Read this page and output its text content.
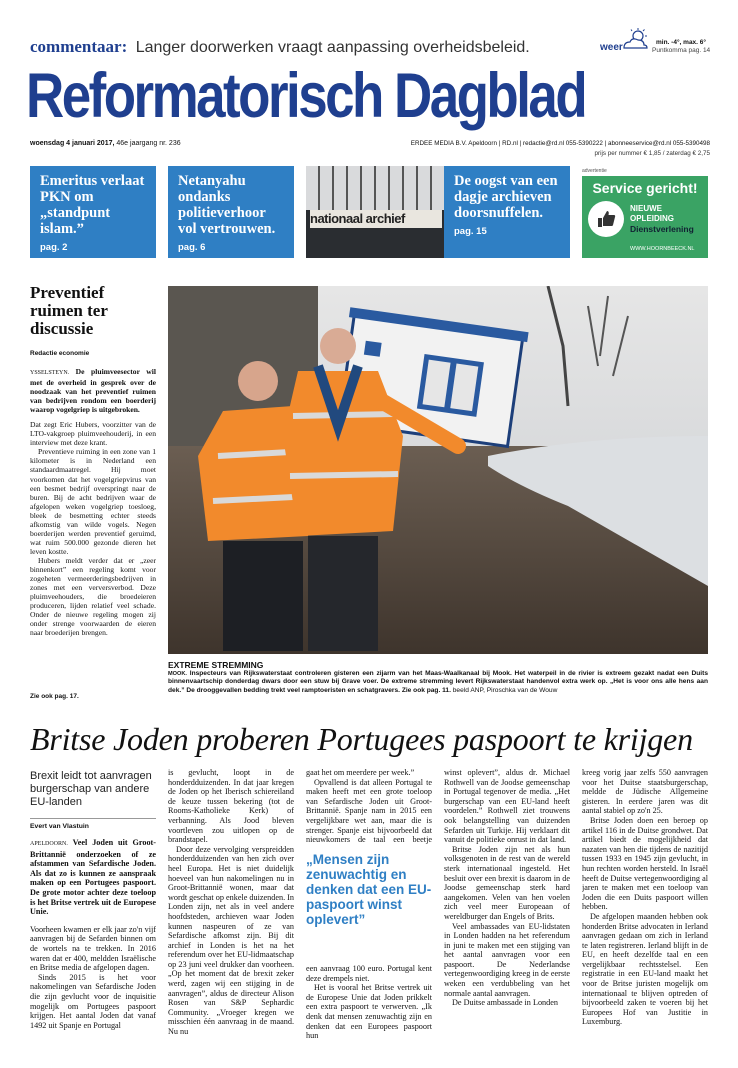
commentaar: Langer doorwerken vraagt aanpassing overheidsbeleid.	weer	min. -4°, max. 6°
Puntkomma pag. 14
Reformatorisch Dagblad
woensdag 4 januari 2017, 46e jaargang nr. 236	ERDEE MEDIA B.V. Apeldoorn | RD.nl | redactie@rd.nl 055-5390222 | abonneeservice@rd.nl 055-5390498
prijs per nummer € 1,85 / zaterdag € 2,75
Emeritus verlaat PKN om „standpunt islam.”
pag. 2
Netanyahu ondanks politieverhoor vol vertrouwen.
pag. 6
nationaal archief
De oogst van een dagje archieven doorsnuffelen.
pag. 15
advertentie
Service gericht!
NIEUWE
OPLEIDING
Dienstverlening
WWW.HOORNBEECK.NL
Preventief ruimen ter discussie
Redactie economie

YSSELSTEYN. De pluimveesector wil met de overheid in gesprek over de noodzaak van het preventief ruimen van bedrijven rondom een boerderij waarop vogelgriep is uitgebroken.

Dat zegt Eric Hubers, voorzitter van de LTO-vakgroep pluimveehouderij, in een interview met deze krant.

Preventieve ruiming in een zone van 1 kilometer is in Nederland een standaardmaatregel. Hij moet voorkomen dat het vogelgriepvirus van een besmet bedrijf overspringt naar de buren. Bij de acht bedrijven waar de afgelopen weken vogelgriep toesloeg, bleek de besmetting echter steeds afkomstig van wilde vogels. Negen boerderijen werden preventief geruimd, wat ruim 500.000 gezonde dieren het leven kostte.

Hubers meldt verder dat er „zeer binnenkort” een regeling komt voor zogeheten vermeerderingsbedrijven in zones met een verversverbod. Deze pluimveehouders, die broedeieren produceren, lijden relatief veel schade. Onder de nieuwe regeling mogen zij onder strenge voorwaarden de eieren naar broederijen brengen.

Zie ook pag. 17.
EXTREME STREMMING
MOOK. Inspecteurs van Rijkswaterstaat controleren gisteren een zijarm van het Maas-Waalkanaal bij Mook. Het waterpeil in de rivier is extreem gezakt nadat een Duits binnenvaartschip donderdag dwars door een stuw bij Grave voer. De extreme stremming levert Rijkswaterstaat handenvol extra werk op. „Het is voor ons alle hens aan dek.” De drooggevallen bedding trekt veel ramptoeristen en schatgravers. Zie ook pag. 11. beeld ANP, Piroschka van de Wouw
Britse Joden proberen Portugees paspoort te krijgen
Brexit leidt tot aanvragen burgerschap van andere EU-landen
Evert van Vlastuin

APELDOORN. Veel Joden uit Groot-Brittannië onderzoeken of ze afstammen van Sefardische Joden. Als dat zo is kunnen ze aanspraak maken op een Portugees paspoort. De grote motor achter deze toeloop is het Britse vertrek uit de Europese Unie.

Voorheen kwamen er elk jaar zo'n vijf aanvragen bij de Sefarden binnen om de wortels na te trekken. In 2016 waren dat er 400, meldden Israëlische en Britse media de afgelopen dagen.

Sinds 2015 is het voor nakomelingen van Sefardische Joden die zijn gevlucht voor de inquisitie mogelijk om Portugees paspoort krijgen. Het aantal Joden dat vanaf 1492 uit Spanje en Portugal

is gevlucht, loopt in de honderdduizenden. In dat jaar kregen de Joden op het Iberisch schiereiland de keuze tussen bekering (tot de Rooms-Katholieke Kerk) of verbanning. Als Jood bleven voortleven zou uitlopen op de brandstapel.

Door deze vervolging verspreidden honderdduizenden van hen zich over heel Europa. Het is niet duidelijk hoeveel van hun nakomelingen nu in Groot-Brittannië wonen, maar dat wordt geschat op enkele duizenden. In Londen zijn, net als in veel andere hoofdsteden, archieven waar Joden kunnen naspeuren of ze van Sefardische afkomst zijn. Bij dit archief in Londen is het na het referendum over het EU-lidmaatschap op 23 juni veel drukker dan voorheen. „Op het moment dat de brexit zeker werd, zagen wij een stijging in de aanvragen”, aldus de directeur Alison Rosen van S&P Sephardic Community. „Vroeger kregen we misschien één aanvraag in de maand. Nu nu

gaat het om meerdere per week.”

Opvallend is dat alleen Portugal te maken heeft met een grote toeloop van Sefardische Joden uit Groot-Brittannië. Spanje nam in 2015 een vergelijkbare wet aan, maar die is strenger. Spanje eist bijvoorbeeld dat nieuwkomers de taal een beetje

„Mensen zijn zenuwachtig en denken dat een EU-paspoort winst oplevert”

een aanvraag 100 euro. Portugal kent deze drempels niet.

Het is vooral het Britse vertrek uit de Europese Unie dat Joden prikkelt een extra paspoort te verwerven. „Ik denk dat mensen zenuwachtig zijn en denken dat een Europees paspoort hun

winst oplevert”, aldus dr. Michael Rothwell van de Joodse gemeenschap in Portugal tegenover de media. „Het burgerschap van een EU-land heeft voordelen.” Rothwell ziet trouwens ook belangstelling van duizenden Sefarden uit Turkije. Hij verklaart dit vanuit de politieke onrust in dat land.

Britse Joden zijn net als hun volksgenoten in de rest van de wereld sterk internationaal ingesteld. Het besluit over een brexit is daarom in de Joodse gemeenschap sterk hard aangekomen. Velen van hen voelen zich veel meer Europeaan of wereldburger dan Engels of Brits.

Veel ambassades van EU-lidstaten in Londen hadden na het referendum in juni te maken met een stijging van het aantal aanvragen voor een paspoort. De Nederlandse vertegenwoordiging kreeg in de eerste weken een verdubbeling van het normale aantal aanvragen.

De Duitse ambassade in Londen

kreeg vorig jaar zelfs 550 aanvragen voor het Duitse staatsburgerschap, meldde de Jüdische Allgemeine gisteren. In eerdere jaren was dit aantal stabiel op zo'n 25.

Britse Joden doen een beroep op artikel 116 in de Duitse grondwet. Dat artikel biedt de mogelijkheid dat nazaten van hen die tijdens de nazitijd tussen 1933 en 1945 zijn gevlucht, in hun rechten worden hersteld. In Israël heeft de Duitse vertegenwoordiging al jaren te maken met een toeloop van Joden die een Duits paspoort willen hebben.

De afgelopen maanden hebben ook honderden Britse advocaten in Ierland aanvragen gedaan om zich in Ierland te laten registreren. Ierland blijft in de EU, en heeft dezelfde taal en een vergelijkbaar rechtsstelsel. Een registratie in een EU-land maakt het voor de Britse juristen mogelijk om internationaal te blijven optreden of bijvoorbeeld zaken te voeren bij het Europees Hof van Justitie in Luxemburg.
